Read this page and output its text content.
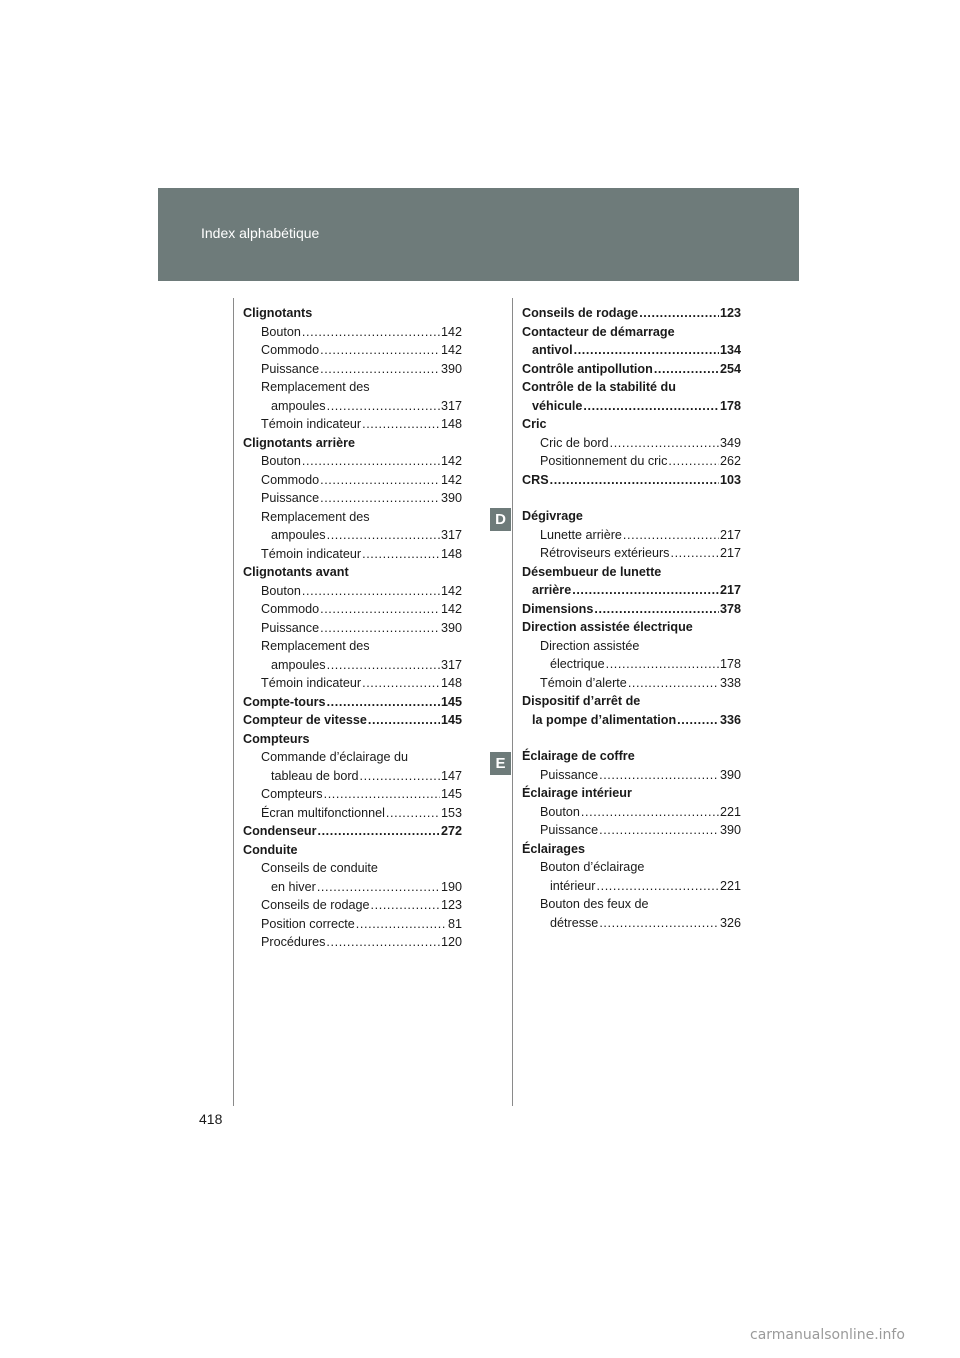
Index alphabétique
Clignotants
Bouton .....	142
Commodo .....	142
Puissance .....	390
Remplacement des
ampoules .....	317
Témoin indicateur .....	148
Clignotants arrière
Bouton .....	142
Commodo .....	142
Puissance .....	390
Remplacement des
ampoules .....	317
Témoin indicateur .....	148
Clignotants avant
Bouton .....	142
Commodo .....	142
Puissance .....	390
Remplacement des
ampoules .....	317
Témoin indicateur .....	148
Compte-tours .....	145
Compteur de vitesse .....	145
Compteurs
Commande d’éclairage du
tableau de bord .....	147
Compteurs .....	145
Écran multifonctionnel .....	153
Condenseur .....	272
Conduite
Conseils de conduite
en hiver .....	190
Conseils de rodage .....	123
Position correcte .....	81
Procédures .....	120
Conseils de rodage .....	123
Contacteur de démarrage
antivol .....	134
Contrôle antipollution .....	254
Contrôle de la stabilité du
véhicule .....	178
Cric
Cric de bord .....	349
Positionnement du cric .....	262
CRS .....	103
Dégivrage
Lunette arrière .....	217
Rétroviseurs extérieurs .....	217
Désembueur de lunette
arrière .....	217
Dimensions .....	378
Direction assistée électrique
Direction assistée
électrique .....	178
Témoin d’alerte .....	338
Dispositif d’arrêt de
la pompe d’alimentation .....	336
Éclairage de coffre
Puissance .....	390
Éclairage intérieur
Bouton .....	221
Puissance .....	390
Éclairages
Bouton d’éclairage
intérieur .....	221
Bouton des feux de
détresse .....	326
D
E
418
carmanualsonline.info
